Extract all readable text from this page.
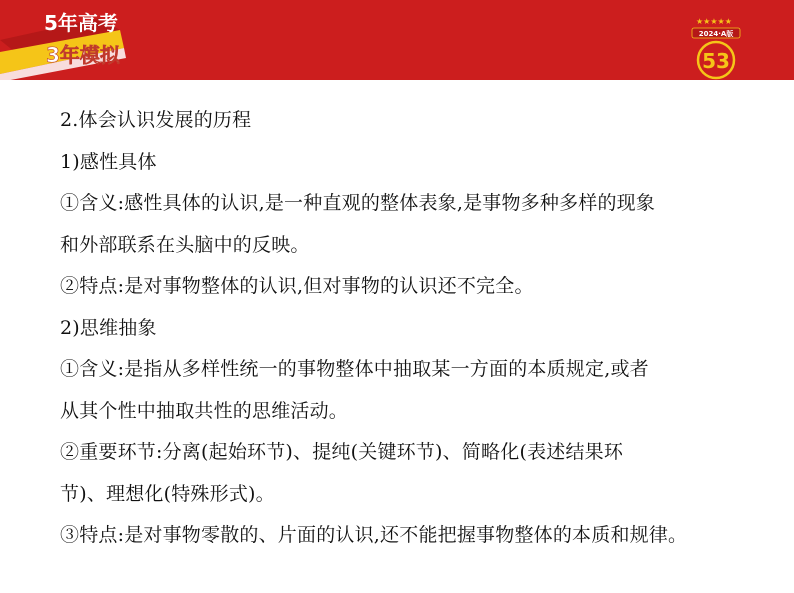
5年高考
3年模拟
★★★★★
2024·A版
53
2.体会认识发展的历程
1)感性具体
①含义:感性具体的认识,是一种直观的整体表象,是事物多种多样的现象
和外部联系在头脑中的反映。
②特点:是对事物整体的认识,但对事物的认识还不完全。
2)思维抽象
①含义:是指从多样性统一的事物整体中抽取某一方面的本质规定,或者
从其个性中抽取共性的思维活动。
②重要环节:分离(起始环节)、提纯(关键环节)、简略化(表述结果环
节)、理想化(特殊形式)。
③特点:是对事物零散的、片面的认识,还不能把握事物整体的本质和规律。
